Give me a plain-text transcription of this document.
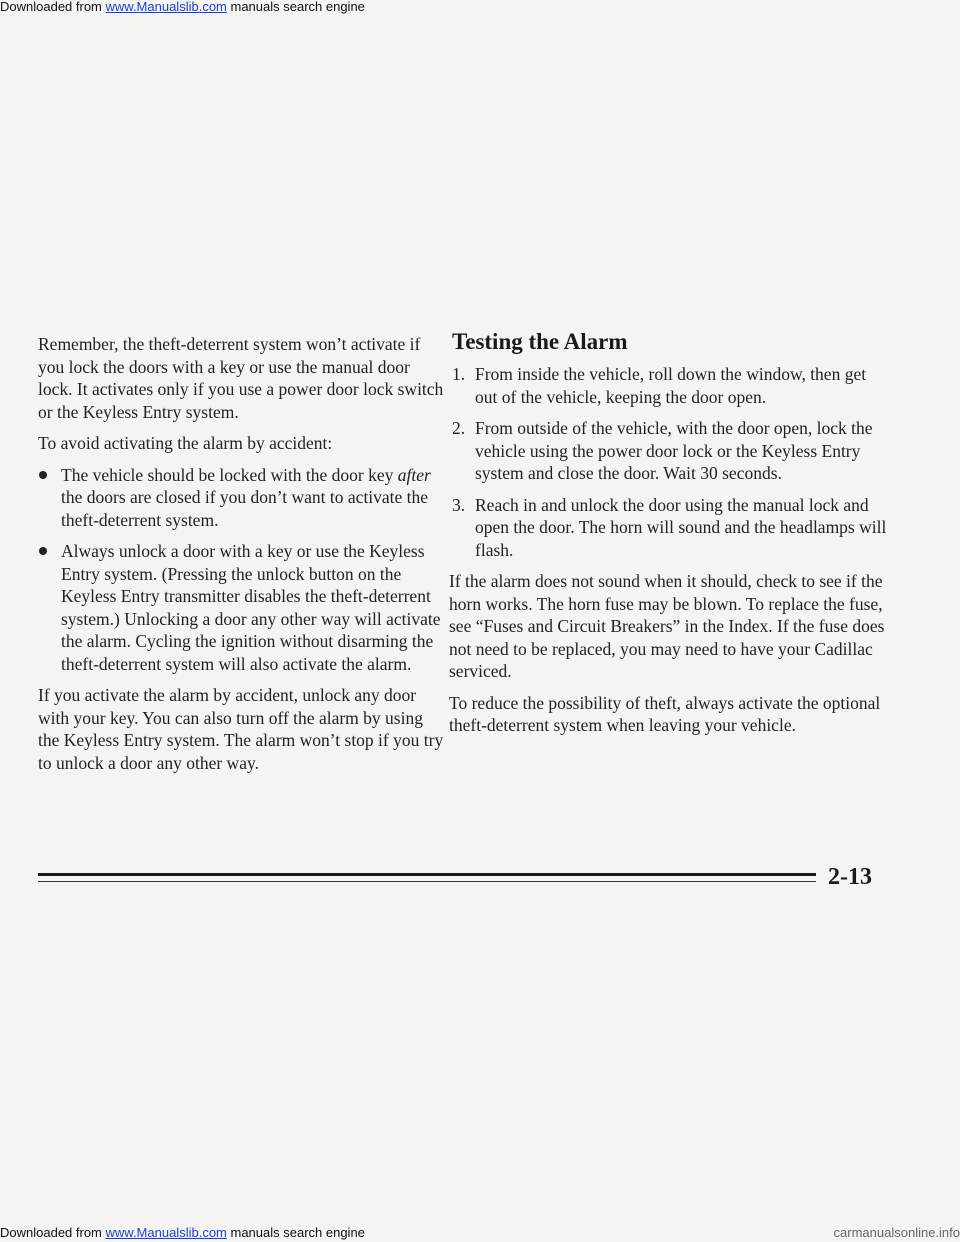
Downloaded from www.Manualslib.com manuals search engine

Remember, the theft-deterrent system won’t activate if you lock the doors with a key or use the manual door lock. It activates only if you use a power door lock switch or the Keyless Entry system.

To avoid activating the alarm by accident:

The vehicle should be locked with the door key after the doors are closed if you don’t want to activate the theft-deterrent system.
Always unlock a door with a key or use the Keyless Entry system. (Pressing the unlock button on the Keyless Entry transmitter disables the theft-deterrent system.) Unlocking a door any other way will activate the alarm. Cycling the ignition without disarming the theft-deterrent system will also activate the alarm.

If you activate the alarm by accident, unlock any door with your key. You can also turn off the alarm by using the Keyless Entry system. The alarm won’t stop if you try to unlock a door any other way.

Testing the Alarm
1. From inside the vehicle, roll down the window, then get out of the vehicle, keeping the door open.
2. From outside of the vehicle, with the door open, lock the vehicle using the power door lock or the Keyless Entry system and close the door. Wait 30 seconds.
3. Reach in and unlock the door using the manual lock and open the door. The horn will sound and the headlamps will flash.

If the alarm does not sound when it should, check to see if the horn works. The horn fuse may be blown. To replace the fuse, see “Fuses and Circuit Breakers” in the Index. If the fuse does not need to be replaced, you may need to have your Cadillac serviced.

To reduce the possibility of theft, always activate the optional theft-deterrent system when leaving your vehicle.

2-13
Downloaded from www.Manualslib.com manuals search engine	carmanualsonline.info
